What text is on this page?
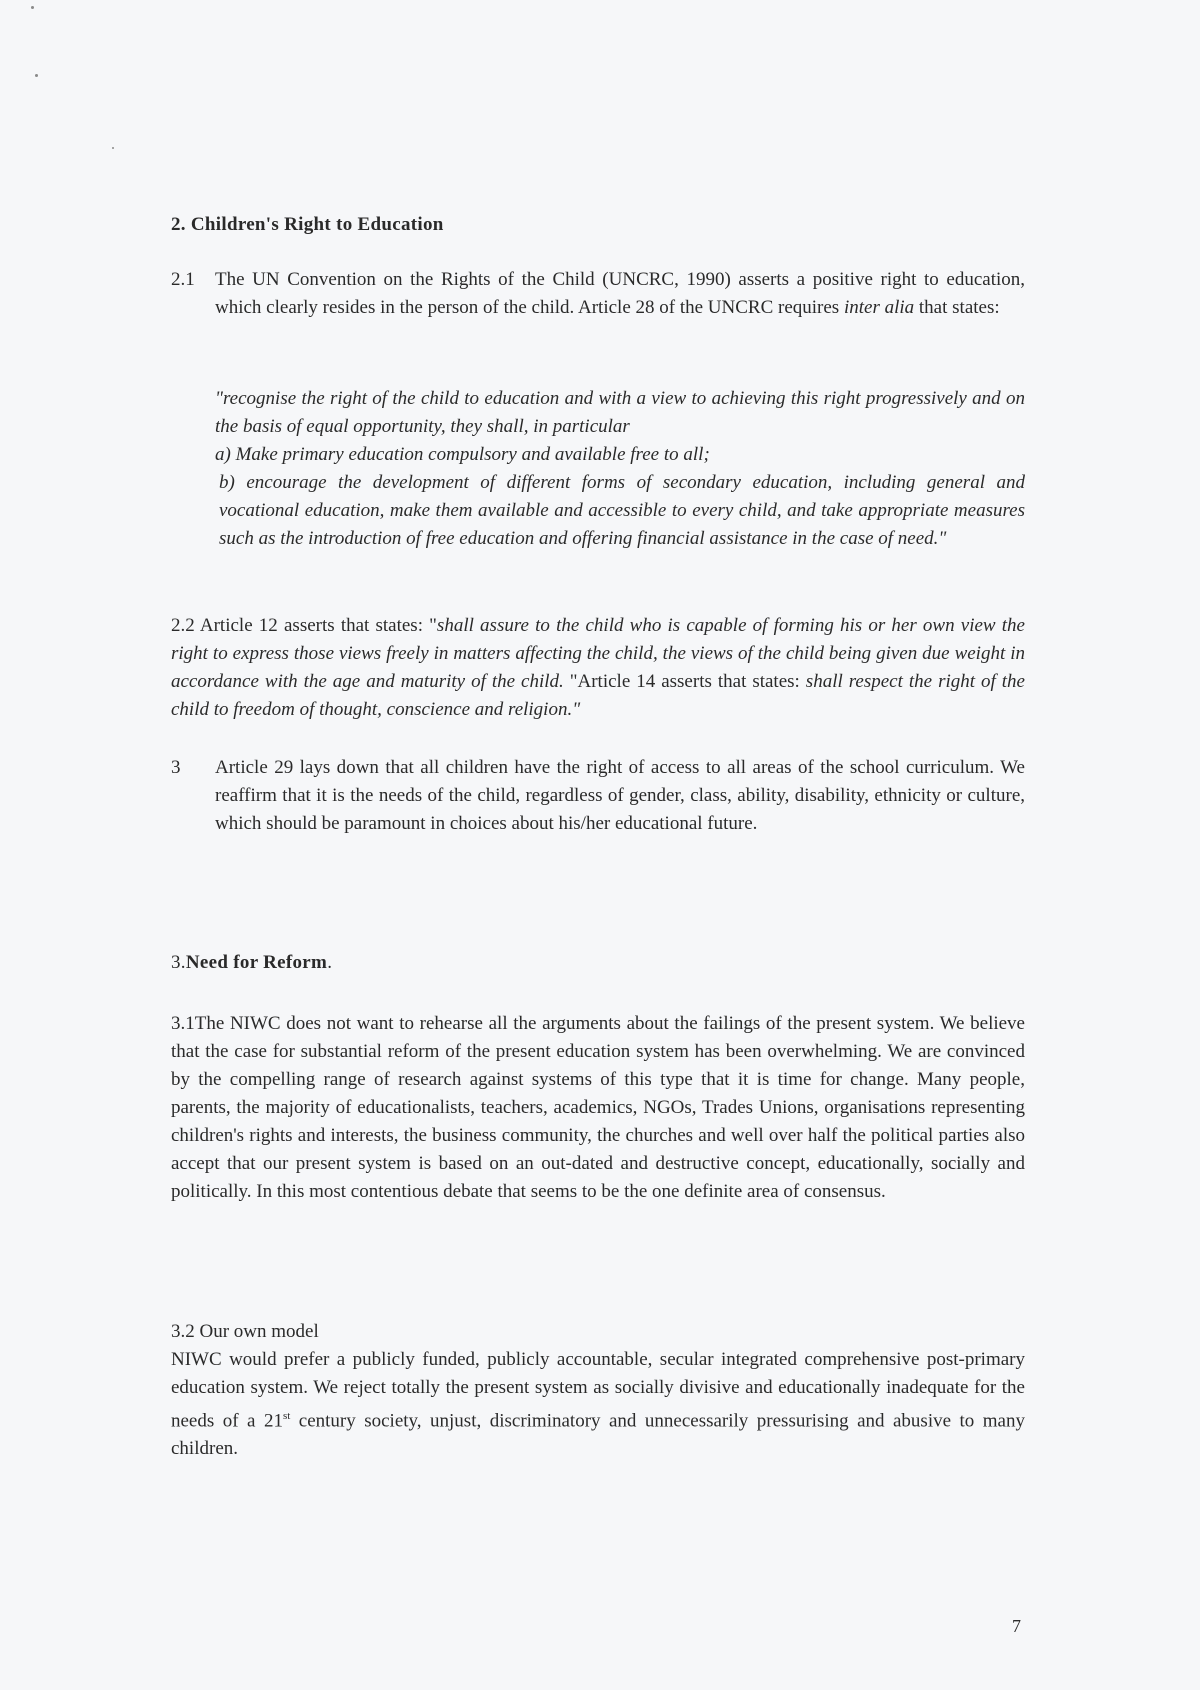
2. Children's Right to Education
2.1 The UN Convention on the Rights of the Child (UNCRC, 1990) asserts a positive right to education, which clearly resides in the person of the child. Article 28 of the UNCRC requires inter alia that states:

"recognise the right of the child to education and with a view to achieving this right progressively and on the basis of equal opportunity, they shall, in particular

a) Make primary education compulsory and available free to all;

b) encourage the development of different forms of secondary education, including general and vocational education, make them available and accessible to every child, and take appropriate measures such as the introduction of free education and offering financial assistance in the case of need."

2.2 Article 12 asserts that states: "shall assure to the child who is capable of forming his or her own view the right to express those views freely in matters affecting the child, the views of the child being given due weight in accordance with the age and maturity of the child. "Article 14 asserts that states: shall respect the right of the child to freedom of thought, conscience and religion."

3 Article 29 lays down that all children have the right of access to all areas of the school curriculum. We reaffirm that it is the needs of the child, regardless of gender, class, ability, disability, ethnicity or culture, which should be paramount in choices about his/her educational future.
3.Need for Reform.
3.1The NIWC does not want to rehearse all the arguments about the failings of the present system. We believe that the case for substantial reform of the present education system has been overwhelming. We are convinced by the compelling range of research against systems of this type that it is time for change. Many people, parents, the majority of educationalists, teachers, academics, NGOs, Trades Unions, organisations representing children's rights and interests, the business community, the churches and well over half the political parties also accept that our present system is based on an out-dated and destructive concept, educationally, socially and politically. In this most contentious debate that seems to be the one definite area of consensus.
3.2 Our own model

NIWC would prefer a publicly funded, publicly accountable, secular integrated comprehensive post-primary education system. We reject totally the present system as socially divisive and educationally inadequate for the needs of a 21st century society, unjust, discriminatory and unnecessarily pressurising and abusive to many children.

7
